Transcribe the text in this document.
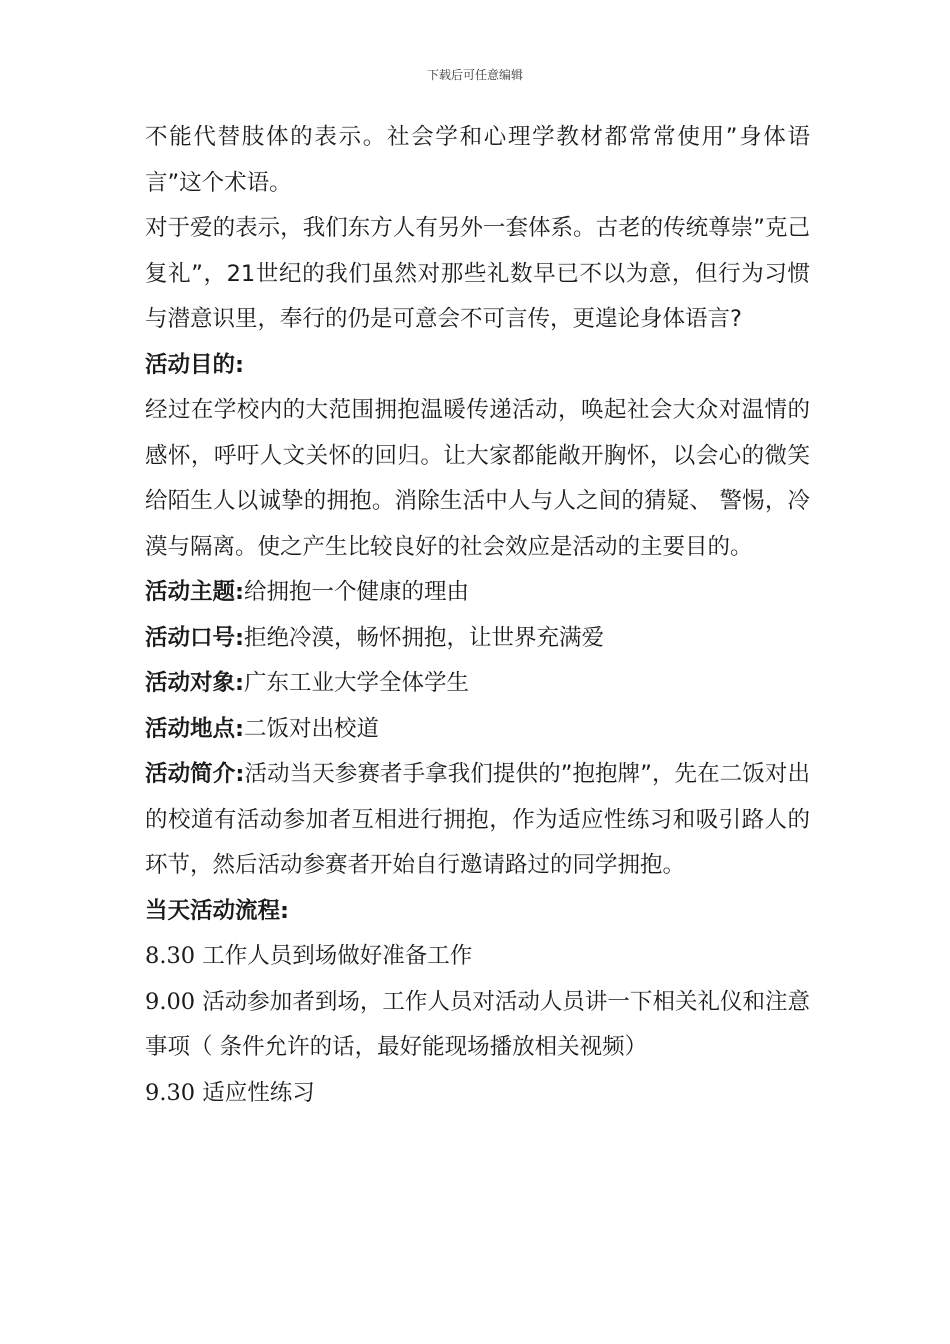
下载后可任意编辑

不能代替肢体的表示。社会学和心理学教材都常常使用”身体语言”这个术语。

对于爱的表示，我们东方人有另外一套体系。古老的传统尊崇”克己复礼”，21世纪的我们虽然对那些礼数早已不以为意，但行为习惯与潜意识里，奉行的仍是可意会不可言传，更遑论身体语言?

活动目的:

经过在学校内的大范围拥抱温暖传递活动，唤起社会大众对温情的感怀，呼吁人文关怀的回归。让大家都能敞开胸怀，以会心的微笑给陌生人以诚挚的拥抱。消除生活中人与人之间的猜疑、 警惕，冷漠与隔离。使之产生比较良好的社会效应是活动的主要目的。

活动主题:给拥抱一个健康的理由

活动口号:拒绝冷漠，畅怀拥抱，让世界充满爱

活动对象:广东工业大学全体学生

活动地点:二饭对出校道

活动简介:活动当天参赛者手拿我们提供的”抱抱牌”，先在二饭对出的校道有活动参加者互相进行拥抱，作为适应性练习和吸引路人的环节，然后活动参赛者开始自行邀请路过的同学拥抱。

当天活动流程:

8.30 工作人员到场做好准备工作

9.00 活动参加者到场，工作人员对活动人员讲一下相关礼仪和注意事项（ 条件允许的话，最好能现场播放相关视频）

9.30 适应性练习
